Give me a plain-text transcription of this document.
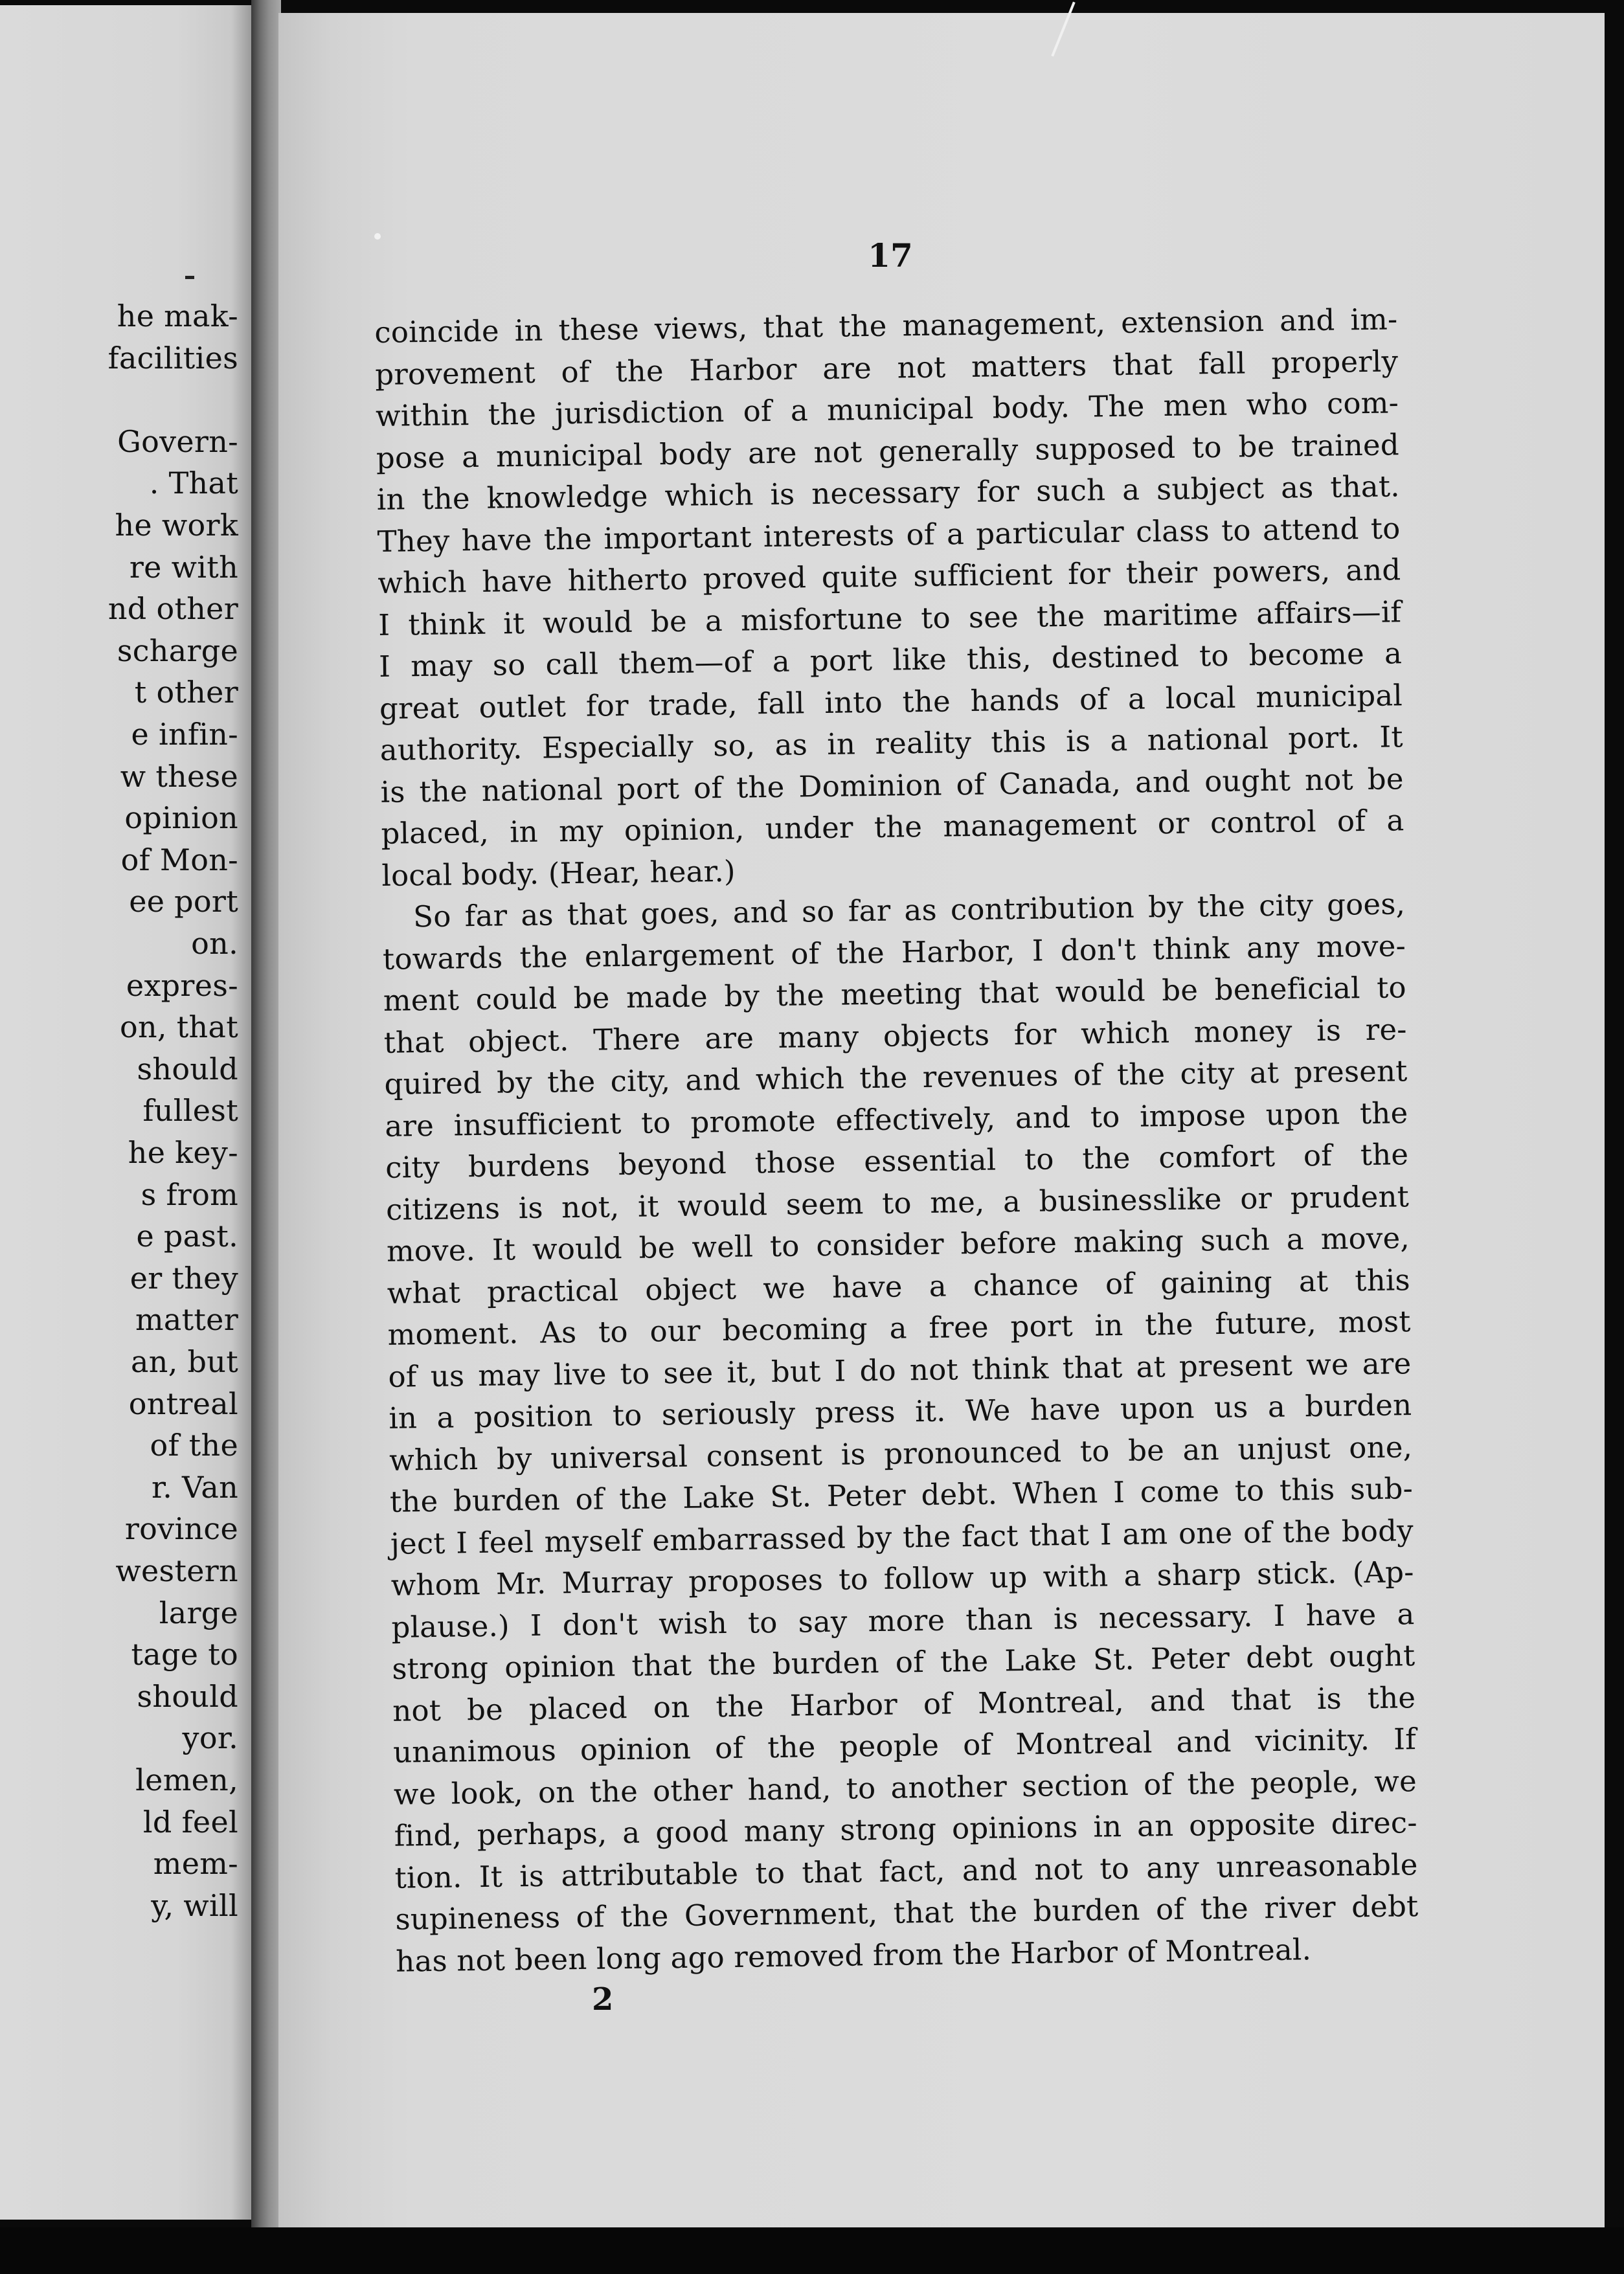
he mak-
facilities
Govern-
. That
he work
re with
nd other
scharge
t other
e infin-
w these
opinion
of Mon-
ee port
on.
expres-
on, that
should
fullest
he key-
s from
e past.
er they
matter
an, but
ontreal
of the
r. Van
rovince
western
large
tage to
should
yor.
lemen,
ld feel
mem-
y, will
17
coincide in these views, that the management, extension and im-
provement of the Harbor are not matters that fall properly
within the jurisdiction of a municipal body. The men who com-
pose a municipal body are not generally supposed to be trained
in the knowledge which is necessary for such a subject as that.
They have the important interests of a particular class to attend to
which have hitherto proved quite sufficient for their powers, and
I think it would be a misfortune to see the maritime affairs—if
I may so call them—of a port like this, destined to become a
great outlet for trade, fall into the hands of a local municipal
authority. Especially so, as in reality this is a national port. It
is the national port of the Dominion of Canada, and ought not be
placed, in my opinion, under the management or control of a
local body. (Hear, hear.)
So far as that goes, and so far as contribution by the city goes,
towards the enlargement of the Harbor, I don't think any move-
ment could be made by the meeting that would be beneficial to
that object. There are many objects for which money is re-
quired by the city, and which the revenues of the city at present
are insufficient to promote effectively, and to impose upon the
city burdens beyond those essential to the comfort of the
citizens is not, it would seem to me, a businesslike or prudent
move. It would be well to consider before making such a move,
what practical object we have a chance of gaining at this
moment. As to our becoming a free port in the future, most
of us may live to see it, but I do not think that at present we are
in a position to seriously press it. We have upon us a burden
which by universal consent is pronounced to be an unjust one,
the burden of the Lake St. Peter debt. When I come to this sub-
ject I feel myself embarrassed by the fact that I am one of the body
whom Mr. Murray proposes to follow up with a sharp stick. (Ap-
plause.) I don't wish to say more than is necessary. I have a
strong opinion that the burden of the Lake St. Peter debt ought
not be placed on the Harbor of Montreal, and that is the
unanimous opinion of the people of Montreal and vicinity. If
we look, on the other hand, to another section of the people, we
find, perhaps, a good many strong opinions in an opposite direc-
tion. It is attributable to that fact, and not to any unreasonable
supineness of the Government, that the burden of the river debt
has not been long ago removed from the Harbor of Montreal.
2
